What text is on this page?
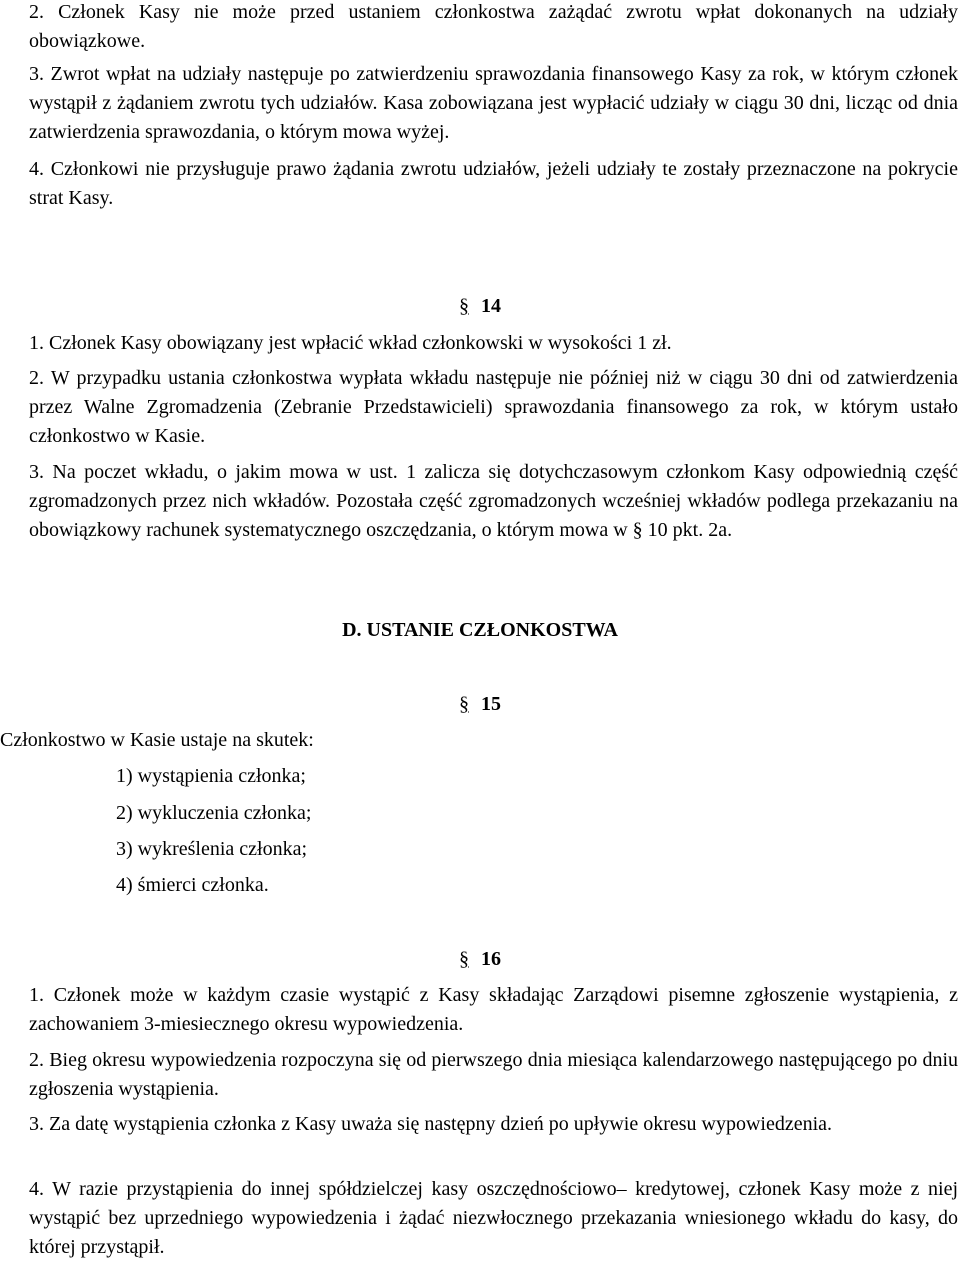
2. Członek Kasy nie może przed ustaniem członkostwa zażądać zwrotu wpłat dokonanych na udziały obowiązkowe.

3. Zwrot wpłat na udziały następuje po zatwierdzeniu sprawozdania finansowego Kasy za rok, w którym członek wystąpił z żądaniem zwrotu tych udziałów. Kasa zobowiązana jest wypłacić udziały w ciągu 30 dni, licząc od dnia zatwierdzenia sprawozdania, o którym mowa wyżej.

4. Członkowi nie przysługuje prawo żądania zwrotu udziałów, jeżeli udziały te zostały przeznaczone na pokrycie strat Kasy.

§ 14

1. Członek Kasy obowiązany jest wpłacić wkład członkowski w wysokości 1 zł.

2. W przypadku ustania członkostwa wypłata wkładu następuje nie później niż w ciągu 30 dni od zatwierdzenia przez Walne Zgromadzenia (Zebranie Przedstawicieli) sprawozdania finansowego za rok, w którym ustało członkostwo w Kasie.

3. Na poczet wkładu, o jakim mowa w ust. 1 zalicza się dotychczasowym członkom Kasy odpowiednią część zgromadzonych przez nich wkładów. Pozostała część zgromadzonych wcześniej wkładów podlega przekazaniu na obowiązkowy rachunek systematycznego oszczędzania, o którym mowa w § 10 pkt. 2a.

D. USTANIE CZŁONKOSTWA
§ 15
Członkostwo w Kasie ustaje na skutek:
1) wystąpienia członka;
2) wykluczenia członka;
3) wykreślenia członka;
4) śmierci członka.
§ 16

1. Członek może w każdym czasie wystąpić z Kasy składając Zarządowi pisemne zgłoszenie wystąpienia, z zachowaniem 3-miesiecznego okresu wypowiedzenia.

2. Bieg okresu wypowiedzenia rozpoczyna się od pierwszego dnia miesiąca kalendarzowego następującego po dniu zgłoszenia wystąpienia.

3. Za datę wystąpienia członka z Kasy uważa się następny dzień po upływie okresu wypowiedzenia.

4. W razie przystąpienia do innej spółdzielczej kasy oszczędnościowo– kredytowej, członek Kasy może z niej wystąpić bez uprzedniego wypowiedzenia i żądać niezwłocznego przekazania wniesionego wkładu do kasy, do której przystąpił.
